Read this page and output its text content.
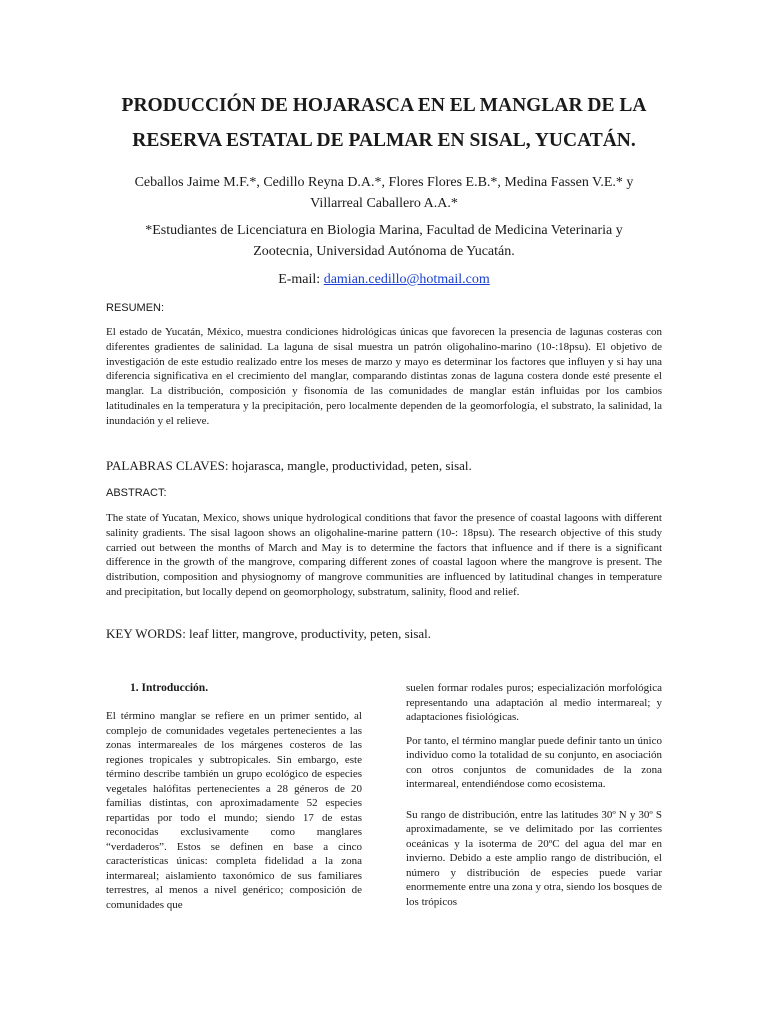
PRODUCCIÓN DE HOJARASCA EN EL MANGLAR DE LA
RESERVA ESTATAL DE PALMAR EN SISAL, YUCATÁN.
Ceballos Jaime M.F.*, Cedillo Reyna D.A.*, Flores Flores E.B.*, Medina Fassen V.E.* y
Villarreal Caballero A.A.*
*Estudiantes de Licenciatura en Biologia Marina, Facultad de Medicina Veterinaria y
Zootecnia, Universidad Autónoma de Yucatán.
E-mail: damian.cedillo@hotmail.com
RESUMEN:
El estado de Yucatán, México, muestra condiciones hidrológicas únicas que favorecen la presencia de lagunas costeras con diferentes gradientes de salinidad. La laguna de sisal muestra un patrón oligohalino-marino (10-:18psu). El objetivo de investigación de este estudio realizado entre los meses de marzo y mayo es determinar los factores que influyen y si hay una diferencia significativa en el crecimiento del manglar, comparando distintas zonas de laguna costera donde esté presente el manglar. La distribución, composición y fisonomía de las comunidades de manglar están influidas por los cambios latitudinales en la temperatura y la precipitación, pero localmente dependen de la geomorfología, el substrato, la salinidad, la inundación y el relieve.
PALABRAS CLAVES: hojarasca, mangle, productividad, peten, sisal.
ABSTRACT:
The state of Yucatan, Mexico, shows unique hydrological conditions that favor the presence of coastal lagoons with different salinity gradients. The sisal lagoon shows an oligohaline-marine pattern (10-: 18psu). The research objective of this study carried out between the months of March and May is to determine the factors that influence and if there is a significant difference in the growth of the mangrove, comparing different zones of coastal lagoon where the mangrove is present. The distribution, composition and physiognomy of mangrove communities are influenced by latitudinal changes in temperature and precipitation, but locally depend on geomorphology, substratum, salinity, flood and relief.
KEY WORDS: leaf litter, mangrove, productivity, peten, sisal.
1. Introducción.

El término manglar se refiere en un primer sentido, al complejo de comunidades vegetales pertenecientes a las zonas intermareales de los márgenes costeros de las regiones tropicales y subtropicales. Sin embargo, este término describe también un grupo ecológico de especies vegetales halófitas pertenecientes a 28 géneros de 20 familias distintas, con aproximadamente 52 especies repartidas por todo el mundo; siendo 17 de estas reconocidas exclusivamente como manglares “verdaderos”. Estos se definen en base a cinco características únicas: completa fidelidad a la zona intermareal; aislamiento taxonómico de sus familiares terrestres, al menos a nivel genérico; composición de comunidades que

suelen formar rodales puros; especialización morfológica representando una adaptación al medio intermareal; y adaptaciones fisiológicas.

Por tanto, el término manglar puede definir tanto un único individuo como la totalidad de su conjunto, en asociación con otros conjuntos de comunidades de la zona intermareal, entendiéndose como ecosistema.

Su rango de distribución, entre las latitudes 30º N y 30º S aproximadamente, se ve delimitado por las corrientes oceánicas y la isoterma de 20ºC del agua del mar en invierno. Debido a este amplio rango de distribución, el número y distribución de especies puede variar enormemente entre una zona y otra, siendo los bosques de los trópicos
